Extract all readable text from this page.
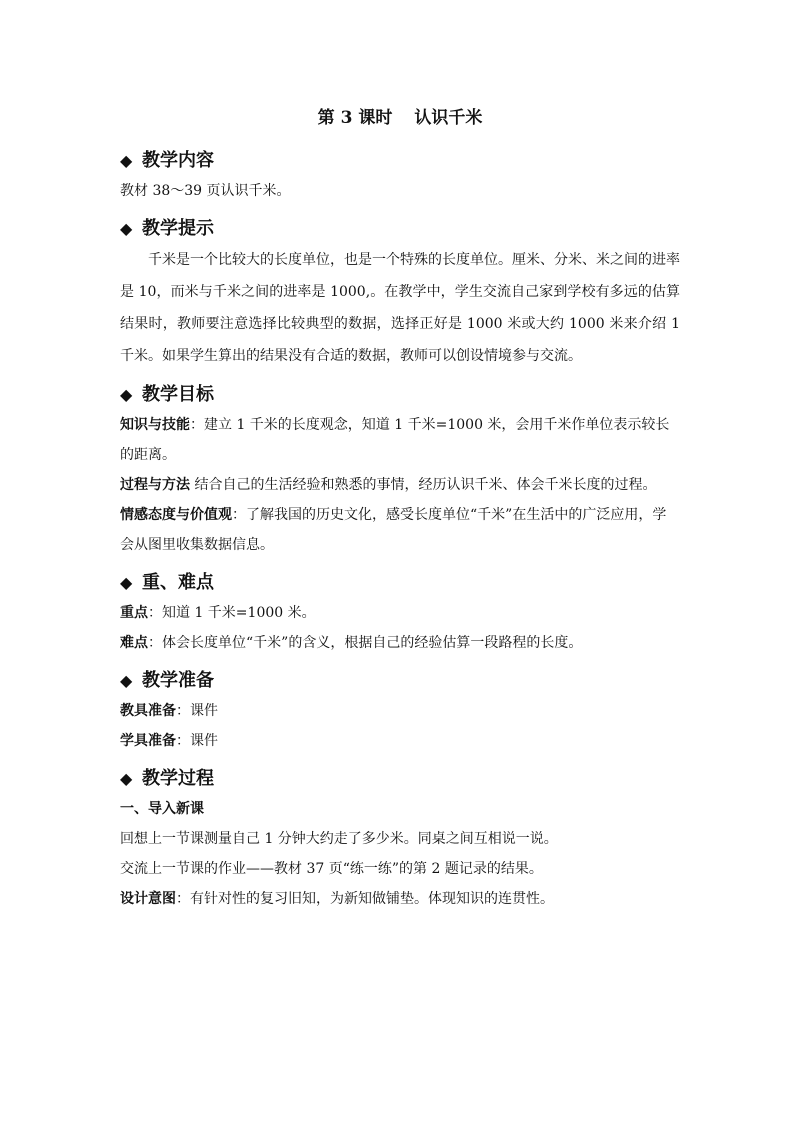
第 3 课时 认识千米
◆ 教学内容
教材 38～39 页认识千米。
◆ 教学提示
千米是一个比较大的长度单位，也是一个特殊的长度单位。厘米、分米、米之间的进率是 10，而米与千米之间的进率是 1000,。在教学中，学生交流自己家到学校有多远的估算结果时，教师要注意选择比较典型的数据，选择正好是 1000 米或大约 1000 米来介绍 1 千米。如果学生算出的结果没有合适的数据，教师可以创设情境参与交流。
◆ 教学目标
知识与技能：建立 1 千米的长度观念，知道 1 千米=1000 米，会用千米作单位表示较长的距离。
过程与方法 结合自己的生活经验和熟悉的事情，经历认识千米、体会千米长度的过程。
情感态度与价值观：了解我国的历史文化，感受长度单位“千米”在生活中的广泛应用，学会从图里收集数据信息。
◆ 重、难点
重点：知道 1 千米=1000 米。
难点：体会长度单位“千米”的含义，根据自己的经验估算一段路程的长度。
◆ 教学准备
教具准备：课件
学具准备：课件
◆ 教学过程
一、导入新课
回想上一节课测量自己 1 分钟大约走了多少米。同桌之间互相说一说。
交流上一节课的作业——教材 37 页“练一练”的第 2 题记录的结果。
设计意图：有针对性的复习旧知，为新知做铺垫。体现知识的连贯性。
